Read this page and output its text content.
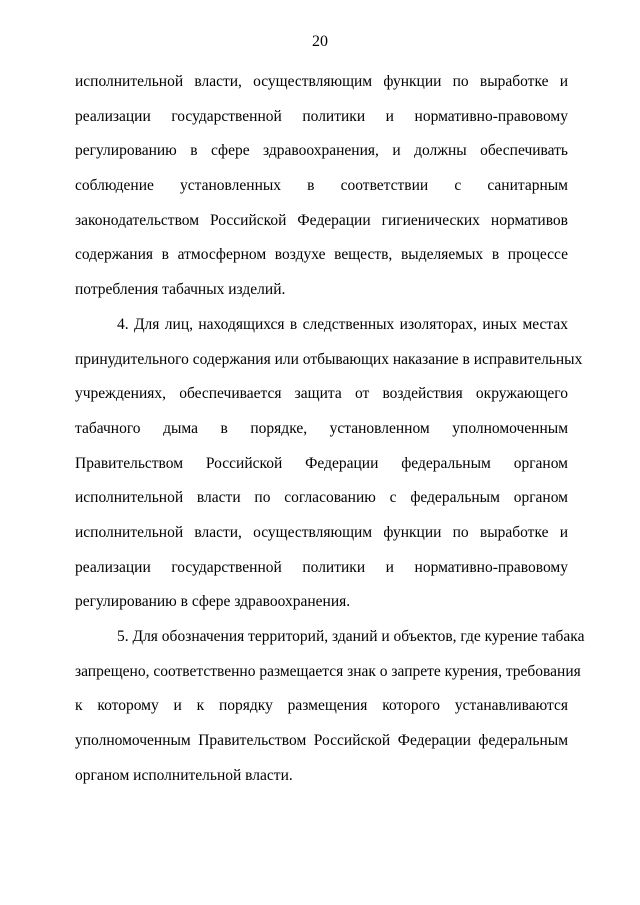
20
исполнительной власти, осуществляющим функции по выработке и
реализации государственной политики и нормативно-правовому
регулированию в сфере здравоохранения, и должны обеспечивать
соблюдение установленных в соответствии с санитарным
законодательством Российской Федерации гигиенических нормативов
содержания в атмосферном воздухе веществ, выделяемых в процессе
потребления табачных изделий.
4. Для лиц, находящихся в следственных изоляторах, иных местах
принудительного содержания или отбывающих наказание в исправительных
учреждениях, обеспечивается защита от воздействия окружающего
табачного дыма в порядке, установленном уполномоченным
Правительством Российской Федерации федеральным органом
исполнительной власти по согласованию с федеральным органом
исполнительной власти, осуществляющим функции по выработке и
реализации государственной политики и нормативно-правовому
регулированию в сфере здравоохранения.
5. Для обозначения территорий, зданий и объектов, где курение табака
запрещено, соответственно размещается знак о запрете курения, требования
к которому и к порядку размещения которого устанавливаются
уполномоченным Правительством Российской Федерации федеральным
органом исполнительной власти.
